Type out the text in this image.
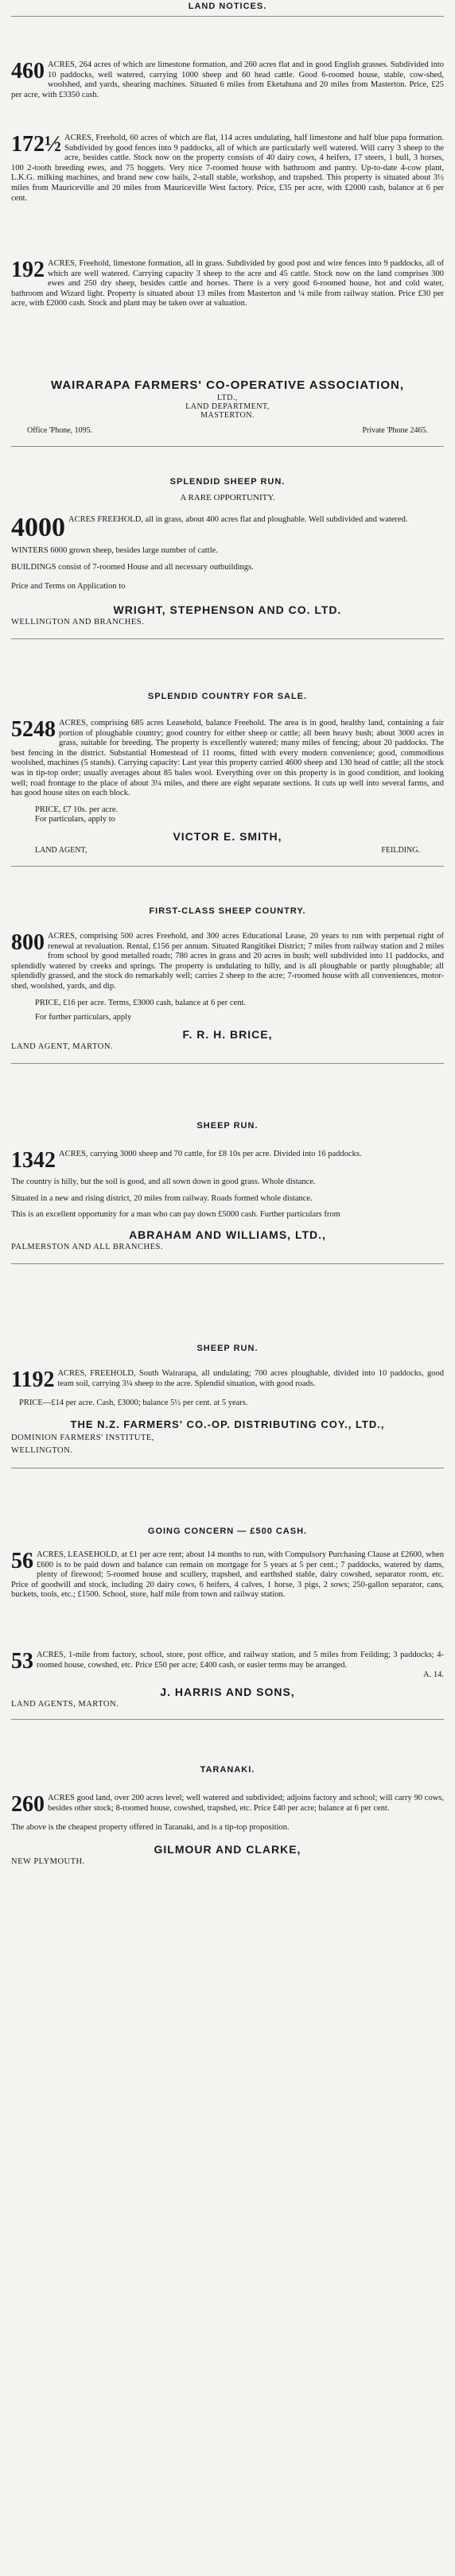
LAND NOTICES.

460 ACRES, 264 acres of which are limestone formation, and 260 acres flat and in good English grasses. Subdivided into 10 paddocks, well watered, carrying 1000 sheep and 60 head cattle. Good 6-roomed house, stable, cow-shed, woolshed, and yards, shearing machines. Situated 6 miles from Eketahuna and 20 miles from Masterton. Price, £25 per acre, with £3350 cash.

172½ ACRES, Freehold, 60 acres of which are flat, 114 acres undulating, half limestone and half blue papa formation. Subdivided by good fences into 9 paddocks, all of which are particularly well watered. Will carry 3 sheep to the acre, besides cattle. Stock now on the property consists of 40 dairy cows, 4 heifers, 17 steers, 1 bull, 3 horses, 100 2-tooth breeding ewes, and 75 hoggets. Very nice 7-roomed house with bathroom and pantry. Up-to-date 4-cow plant, L.K.G. milking machines, and brand new cow bails, 2-stall stable, workshop, and trapshed. This property is situated about 3½ miles from Mauriceville and 20 miles from Mauriceville West factory. Price, £35 per acre, with £2000 cash, balance at 6 per cent.

192 ACRES, Freehold, limestone formation, all in grass. Subdivided by good post and wire fences into 9 paddocks, all of which are well watered. Carrying capacity 3 sheep to the acre and 45 cattle. Stock now on the land comprises 300 ewes and 250 dry sheep, besides cattle and horses. There is a very good 6-roomed house, hot and cold water, bathroom and Wizard light. Property is situated about 13 miles from Masterton and ¼ mile from railway station. Price £30 per acre, with £2000 cash. Stock and plant may be taken over at valuation.

WAIRARAPA FARMERS' CO-OPERATIVE ASSOCIATION,

LTD.,

LAND DEPARTMENT,

MASTERTON.

Office 'Phone, 1095.	Private 'Phone 2465.

SPLENDID SHEEP RUN.

A RARE OPPORTUNITY.

4000 ACRES FREEHOLD, all in grass, about 400 acres flat and ploughable. Well subdivided and watered.

WINTERS 6000 grown sheep, besides large number of cattle.

BUILDINGS consist of 7-roomed House and all necessary outbuildings.

Price and Terms on Application to

WRIGHT, STEPHENSON AND CO. LTD.

WELLINGTON AND BRANCHES.

SPLENDID COUNTRY FOR SALE.

5248 ACRES, comprising 685 acres Leasehold, balance Freehold. The area is in good, healthy land, containing a fair portion of ploughable country; good country for either sheep or cattle; all been heavy bush; about 3000 acres in grass, suitable for breeding. The property is excellently watered; many miles of fencing; about 20 paddocks. The best fencing in the district. Substantial Homestead of 11 rooms, fitted with every modern convenience; good, commodious woolshed, machines (5 stands). Carrying capacity: Last year this property carried 4600 sheep and 130 head of cattle; all the stock was in tip-top order; usually averages about 85 bales wool. Everything over on this property is in good condition, and looking well; road frontage to the place of about 3¼ miles, and there are eight separate sections. It cuts up well into several farms, and has good house sites on each block.

PRICE, £7 10s. per acre.

For particulars, apply to

VICTOR E. SMITH,
LAND AGENT,	FEILDING.

FIRST-CLASS SHEEP COUNTRY.

800 ACRES, comprising 500 acres Freehold, and 300 acres Educational Lease, 20 years to run with perpetual right of renewal at revaluation. Rental, £156 per annum. Situated Rangitikei District; 7 miles from railway station and 2 miles from school by good metalled roads; 780 acres in grass and 20 acres in bush; well subdivided into 11 paddocks, and splendidly watered by creeks and springs. The property is undulating to hilly, and is all ploughable or partly ploughable; all splendidly grassed, and the stock do remarkably well; carries 2 sheep to the acre; 7-roomed house with all conveniences, motor-shed, woolshed, yards, and dip.

PRICE, £16 per acre. Terms, £3000 cash, balance at 6 per cent.

For further particulars, apply

F. R. H. BRICE,

LAND AGENT, MARTON.

SHEEP RUN.

1342 ACRES, carrying 3000 sheep and 70 cattle, for £8 10s per acre. Divided into 16 paddocks.

The country is hilly, but the soil is good, and all sown down in good grass. Whole distance.

Situated in a new and rising district, 20 miles from railway. Roads formed whole distance.

This is an excellent opportunity for a man who can pay down £5000 cash. Further particulars from

ABRAHAM AND WILLIAMS, LTD.,

PALMERSTON AND ALL BRANCHES.

SHEEP RUN.

1192 ACRES, FREEHOLD, South Wairarapa, all undulating; 700 acres ploughable, divided into 10 paddocks, good team soil, carrying 3¼ sheep to the acre. Splendid situation, with good roads.

PRICE—£14 per acre. Cash, £3000; balance 5½ per cent. at 5 years.

THE N.Z. FARMERS' CO.-OP. DISTRIBUTING COY., LTD.,

DOMINION FARMERS' INSTITUTE,

WELLINGTON.

GOING CONCERN — £500 CASH.

56 ACRES, LEASEHOLD, at £1 per acre rent; about 14 months to run, with Compulsory Purchasing Clause at £2600, when £600 is to be paid down and balance can remain on mortgage for 5 years at 5 per cent.; 7 paddocks, watered by dams, plenty of firewood; 5-roomed house and scullery, trapshed, and earthshed stable, dairy cowshed, separator room, etc. Price of goodwill and stock, including 20 dairy cows, 6 heifers, 4 calves, 1 horse, 3 pigs, 2 sows; 250-gallon separator, cans, buckets, tools, etc.; £1500. School, store, half mile from town and railway station.

53 ACRES, 1-mile from factory, school, store, post office, and railway station, and 5 miles from Feilding; 3 paddocks; 4-roomed house, cowshed, etc. Price £50 per acre; £400 cash, or easier terms may be arranged.

A. 14.

J. HARRIS AND SONS,

LAND AGENTS, MARTON.

TARANAKI.

260 ACRES good land, over 200 acres level; well watered and subdivided; adjoins factory and school; will carry 90 cows, besides other stock; 8-roomed house, cowshed, trapshed, etc. Price £40 per acre; balance at 6 per cent.

The above is the cheapest property offered in Taranaki, and is a tip-top proposition.

GILMOUR AND CLARKE,

NEW PLYMOUTH.
